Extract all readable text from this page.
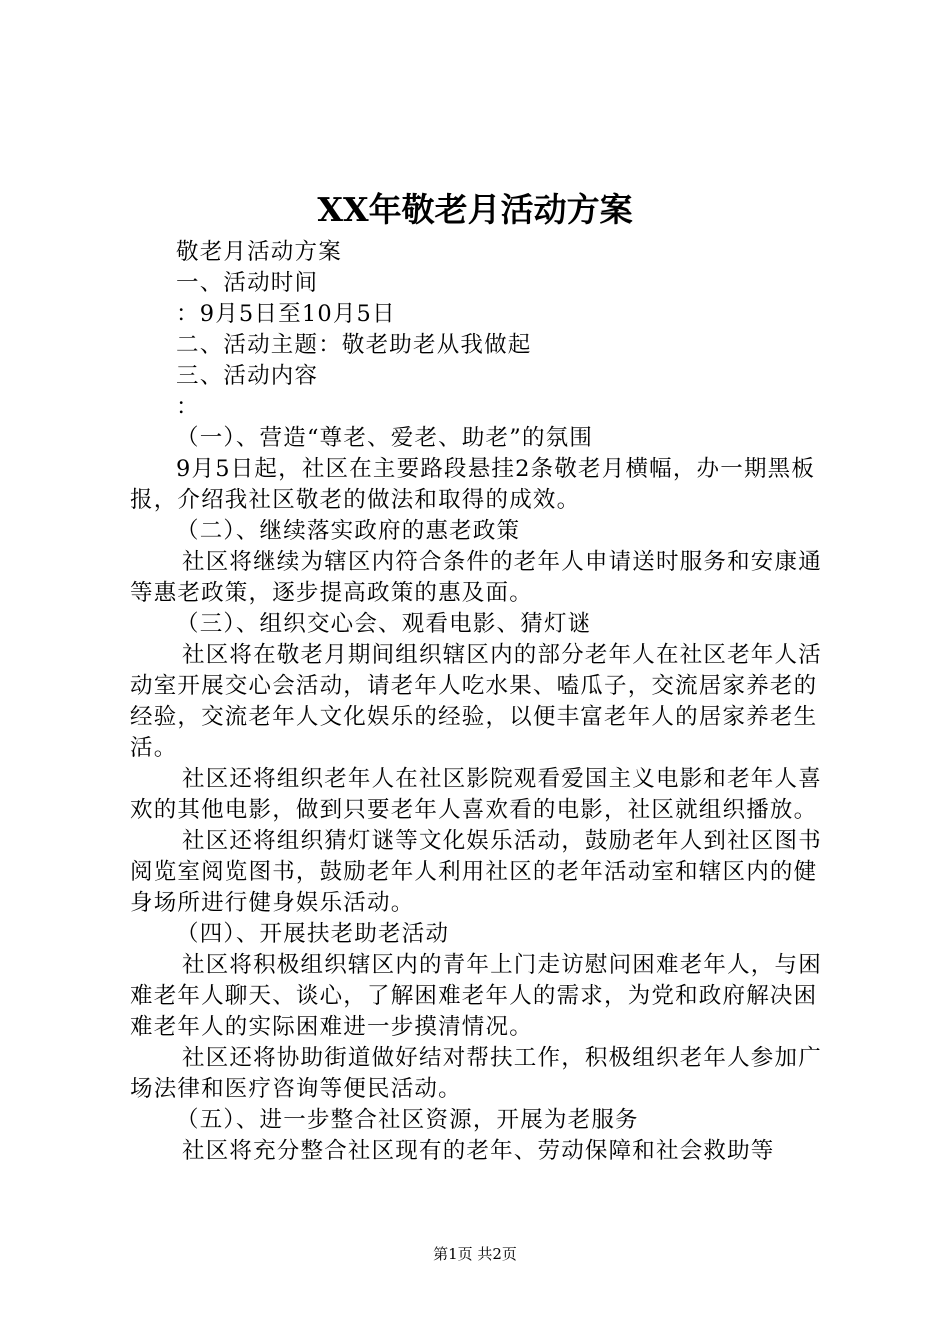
XX年敬老月活动方案

敬老月活动方案

一、活动时间

：9月5日至10月5日

二、活动主题：敬老助老从我做起

三、活动内容

：

（一）、营造“尊老、爱老、助老”的氛围

9月5日起，社区在主要路段悬挂2条敬老月横幅，办一期黑板报，介绍我社区敬老的做法和取得的成效。

（二）、继续落实政府的惠老政策

社区将继续为辖区内符合条件的老年人申请送时服务和安康通等惠老政策，逐步提高政策的惠及面。

（三）、组织交心会、观看电影、猜灯谜

社区将在敬老月期间组织辖区内的部分老年人在社区老年人活动室开展交心会活动，请老年人吃水果、嗑瓜子，交流居家养老的经验，交流老年人文化娱乐的经验，以便丰富老年人的居家养老生活。

社区还将组织老年人在社区影院观看爱国主义电影和老年人喜欢的其他电影，做到只要老年人喜欢看的电影，社区就组织播放。

社区还将组织猜灯谜等文化娱乐活动，鼓励老年人到社区图书阅览室阅览图书，鼓励老年人利用社区的老年活动室和辖区内的健身场所进行健身娱乐活动。

（四）、开展扶老助老活动

社区将积极组织辖区内的青年上门走访慰问困难老年人，与困难老年人聊天、谈心，了解困难老年人的需求，为党和政府解决困难老年人的实际困难进一步摸清情况。

社区还将协助街道做好结对帮扶工作，积极组织老年人参加广场法律和医疗咨询等便民活动。

（五）、进一步整合社区资源，开展为老服务

社区将充分整合社区现有的老年、劳动保障和社会救助等

第1页 共2页
